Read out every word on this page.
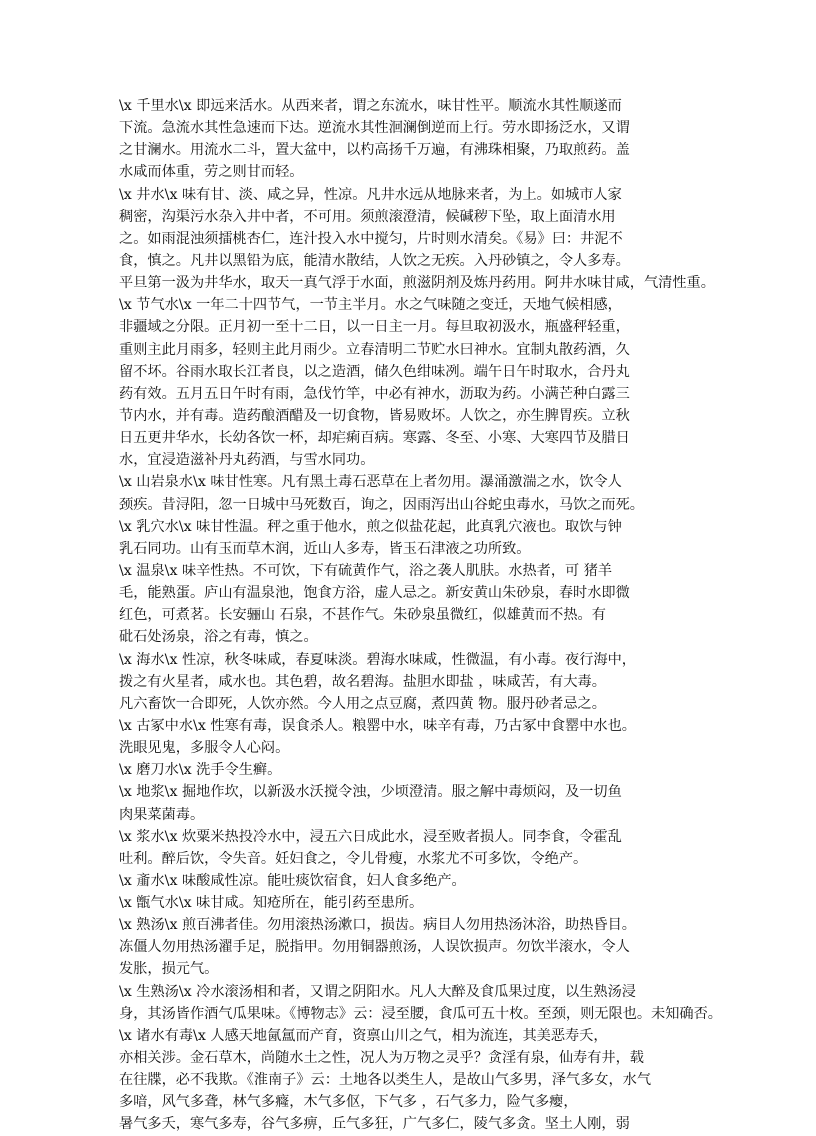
\x 千里水\x 即远来活水。从西来者，谓之东流水，味甘性平。顺流水其性顺遂而
下流。急流水其性急速而下达。逆流水其性洄澜倒逆而上行。劳水即扬泛水，又谓
之甘澜水。用流水二斗，置大盆中，以杓高扬千万遍，有沸珠相聚，乃取煎药。盖
水咸而体重，劳之则甘而轻。
\x 井水\x 味有甘、淡、咸之异，性凉。凡井水远从地脉来者，为上。如城市人家
稠密，沟渠污水杂入井中者，不可用。须煎滚澄清，候碱秽下坠，取上面清水用
之。如雨混浊须擂桃杏仁，连汁投入水中搅匀，片时则水清矣。《易》曰：井泥不
食，慎之。凡井以黑铅为底，能清水散结，人饮之无疾。入丹砂镇之，令人多寿。
平旦第一汲为井华水，取天一真气浮于水面，煎滋阴剂及炼丹药用。阿井水味甘咸，气清性重。
\x 节气水\x 一年二十四节气，一节主半月。水之气味随之变迁，天地气候相感，
非疆域之分限。正月初一至十二日，以一日主一月。每旦取初汲水，瓶盛秤轻重，
重则主此月雨多，轻则主此月雨少。立春清明二节贮水曰神水。宜制丸散药酒，久
留不坏。谷雨水取长江者良，以之造酒，储久色绀味冽。端午日午时取水，合丹丸
药有效。五月五日午时有雨，急伐竹竿，中必有神水，沥取为药。小满芒种白露三
节内水，并有毒。造药酿酒醋及一切食物，皆易败坏。人饮之，亦生脾胃疾。立秋
日五更井华水，长幼各饮一杯，却疟痢百病。寒露、冬至、小寒、大寒四节及腊日
水，宜浸造滋补丹丸药酒，与雪水同功。
\x 山岩泉水\x 味甘性寒。凡有黑土毒石恶草在上者勿用。瀑涌激湍之水，饮令人
颈疾。昔浔阳，忽一日城中马死数百，询之，因雨泻出山谷蛇虫毒水，马饮之而死。
\x 乳穴水\x 味甘性温。秤之重于他水，煎之似盐花起，此真乳穴液也。取饮与钟
乳石同功。山有玉而草木润，近山人多寿，皆玉石津液之功所致。
\x 温泉\x 味辛性热。不可饮，下有硫黄作气，浴之袭人肌肤。水热者，可 猪羊
毛，能熟蛋。庐山有温泉池，饱食方浴，虚人忌之。新安黄山朱砂泉，春时水即微
红色，可煮茗。长安骊山 石泉，不甚作气。朱砂泉虽微红，似雄黄而不热。有
砒石处汤泉，浴之有毒，慎之。
\x 海水\x 性凉，秋冬味咸，春夏味淡。碧海水味咸，性微温，有小毒。夜行海中，
拨之有火星者，咸水也。其色碧，故名碧海。盐胆水即盐 ，味咸苦，有大毒。
凡六畜饮一合即死，人饮亦然。今人用之点豆腐，煮四黄 物。服丹砂者忌之。
\x 古冢中水\x 性寒有毒，误食杀人。粮罂中水，味辛有毒，乃古冢中食罂中水也。
洗眼见鬼，多服令人心闷。
\x 磨刀水\x 洗手令生癣。
\x 地浆\x 掘地作坎，以新汲水沃搅令浊，少顷澄清。服之解中毒烦闷，及一切鱼
肉果菜菌毒。
\x 浆水\x 炊粟米热投冷水中，浸五六日成此水，浸至败者损人。同李食，令霍乱
吐利。醉后饮，令失音。妊妇食之，令儿骨瘦，水浆尤不可多饮，令绝产。
\x 齑水\x 味酸咸性凉。能吐痰饮宿食，妇人食多绝产。
\x 甑气水\x 味甘咸。知疮所在，能引药至患所。
\x 熟汤\x 煎百沸者佳。勿用滚热汤漱口，损齿。病目人勿用热汤沐浴，助热昏目。
冻僵人勿用热汤濯手足，脱指甲。勿用铜器煎汤，人误饮损声。勿饮半滚水，令人
发胀，损元气。
\x 生熟汤\x 冷水滚汤相和者，又谓之阴阳水。凡人大醉及食瓜果过度，以生熟汤浸
身，其汤皆作酒气瓜果味。《博物志》云：浸至腰，食瓜可五十枚。至颈，则无限也。未知确否。
\x 诸水有毒\x 人感天地氤氲而产育，资禀山川之气，相为流连，其美恶寿夭，
亦相关涉。金石草木，尚随水土之性，况人为万物之灵乎？贪淫有泉，仙寿有井，载
在往牒，必不我欺。《淮南子》云：土地各以类生人，是故山气多男，泽气多女，水气
多喑，风气多聋，林气多癃，木气多伛，下气多 ，石气多力，险气多瘿，
暑气多夭，寒气多寿，谷气多痹，丘气多狂，广气多仁，陵气多贪。坚土人刚，弱
